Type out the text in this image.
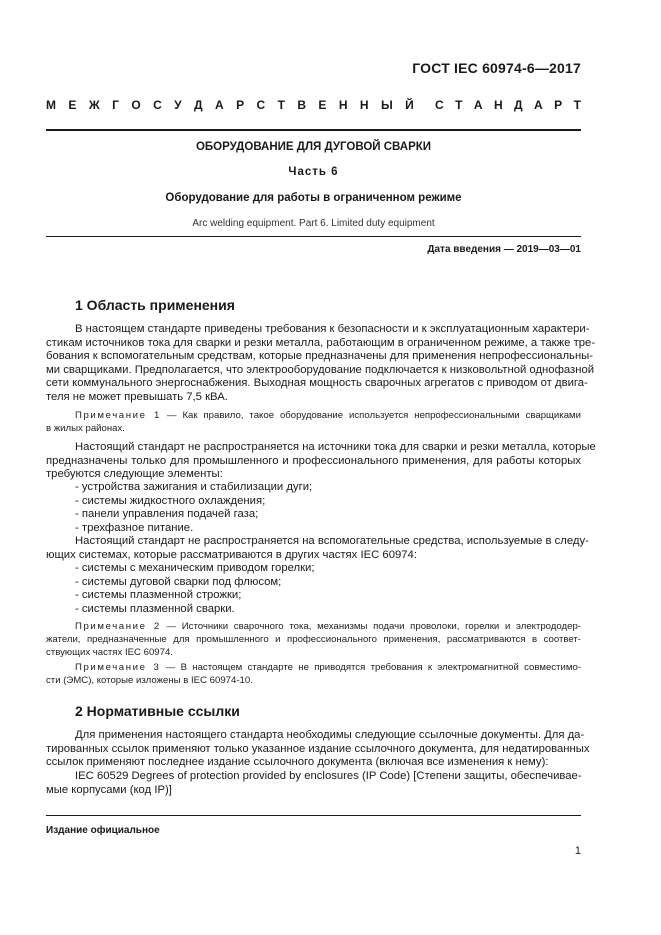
ГОСТ IEC 60974-6—2017
М Е Ж Г О С У Д А Р С Т В Е Н Н Ы Й С Т А Н Д А Р Т
ОБОРУДОВАНИЕ ДЛЯ ДУГОВОЙ СВАРКИ
Часть 6
Оборудование для работы в ограниченном режиме
Arc welding equipment. Part 6. Limited duty equipment
Дата введения — 2019—03—01
1 Область применения
В настоящем стандарте приведены требования к безопасности и к эксплуатационным характери-
стикам источников тока для сварки и резки металла, работающим в ограниченном режиме, а также тре-
бования к вспомогательным средствам, которые предназначены для применения непрофессиональны-
ми сварщиками. Предполагается, что электрооборудование подключается к низковольтной однофазной
сети коммунального энергоснабжения. Выходная мощность сварочных агрегатов с приводом от двига-
теля не может превышать 7,5 кВА.
Примечание 1 — Как правило, такое оборудование используется непрофессиональными сварщиками
в жилых районах.
Настоящий стандарт не распространяется на источники тока для сварки и резки металла, которые
предназначены только для промышленного и профессионального применения, для работы которых
требуются следующие элементы:
- устройства зажигания и стабилизации дуги;
- системы жидкостного охлаждения;
- панели управления подачей газа;
- трехфазное питание.
Настоящий стандарт не распространяется на вспомогательные средства, используемые в следу-
ющих системах, которые рассматриваются в других частях IEC 60974:
- системы с механическим приводом горелки;
- системы дуговой сварки под флюсом;
- системы плазменной строжки;
- системы плазменной сварки.
Примечание 2 — Источники сварочного тока, механизмы подачи проволоки, горелки и электрододер-
жатели, предназначенные для промышленного и профессионального применения, рассматриваются в соответ-
ствующих частях IEC 60974.
Примечание 3 — В настоящем стандарте не приводятся требования к электромагнитной совместимо-
сти (ЭМС), которые изложены в IEC 60974-10.
2 Нормативные ссылки
Для применения настоящего стандарта необходимы следующие ссылочные документы. Для да-
тированных ссылок применяют только указанное издание ссылочного документа, для недатированных
ссылок применяют последнее издание ссылочного документа (включая все изменения к нему):
IEC 60529 Degrees of protection provided by enclosures (IP Code) [Степени защиты, обеспечивае-
мые корпусами (код IP)]
Издание официальное
1
